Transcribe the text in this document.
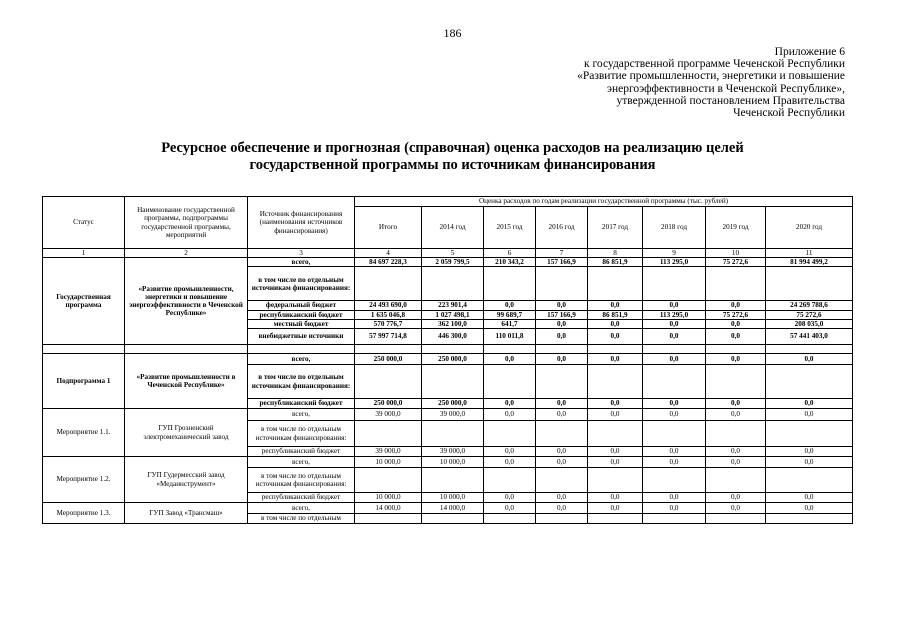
186
Приложение 6
к государственной программе Чеченской Республики
«Развитие промышленности, энергетики и повышение
энергоэффективности в Чеченской Республике»,
утвержденной постановлением Правительства
Чеченской Республики
Ресурсное обеспечение и прогнозная (справочная) оценка расходов на реализацию целей
государственной программы по источникам финансирования
Статус	Наименование государственной программы, подпрограммы государственной программы, мероприятий	Источник финансирования (наименования источников финансирования)	Оценка расходов по годам реализации государственной программы (тыс. рублей)							
			Итого	2014 год	2015 год	2016 год	2017 год	2018 год	2019 год	2020 год
1	2	3	4	5	6	7	8	9	10	11
Государственная программа	«Развитие промышленности, энергетики и повышение энергоэффективности в Чеченской Республике»	всего,	84 697 228,3	2 059 799,5	210 343,2	157 166,9	86 851,9	113 295,0	75 272,6	81 994 499,2
		в том числе по отдельным источникам финансирования:								
		федеральный бюджет	24 493 690,0	223 901,4	0,0	0,0	0,0	0,0	0,0	24 269 788,6
		республиканский бюджет	1 635 046,8	1 027 498,1	99 689,7	157 166,9	86 851,9	113 295,0	75 272,6	75 272,6
		местный бюджет	570 776,7	362 100,0	641,7	0,0	0,0	0,0	0,0	208 035,0
		внебюджетные источники	57 997 714,8	446 300,0	110 011,8	0,0	0,0	0,0	0,0	57 441 403,0

Подпрограмма 1	«Развитие промышленности в Чеченской Республике»	всего,	250 000,0	250 000,0	0,0	0,0	0,0	0,0	0,0	0,0
		в том числе по отдельным источникам финансирования:								
		республиканский бюджет	250 000,0	250 000,0	0,0	0,0	0,0	0,0	0,0	0,0
Мероприятие 1.1.	ГУП Грозненский электромеханический завод	всего,	39 000,0	39 000,0	0,0	0,0	0,0	0,0	0,0	0,0
		в том числе по отдельным источникам финансирования:								
		республиканский бюджет	39 000,0	39 000,0	0,0	0,0	0,0	0,0	0,0	0,0
Мероприятие 1.2.	ГУП Гудермесский завод «Медаинструмент»	всего,	10 000,0	10 000,0	0,0	0,0	0,0	0,0	0,0	0,0
		в том числе по отдельным источникам финансирования:								
		республиканский бюджет	10 000,0	10 000,0	0,0	0,0	0,0	0,0	0,0	0,0
Мероприятие 1.3.	ГУП Завод «Трансмаш»	всего,	14 000,0	14 000,0	0,0	0,0	0,0	0,0	0,0	0,0
		в том числе по отдельным								
